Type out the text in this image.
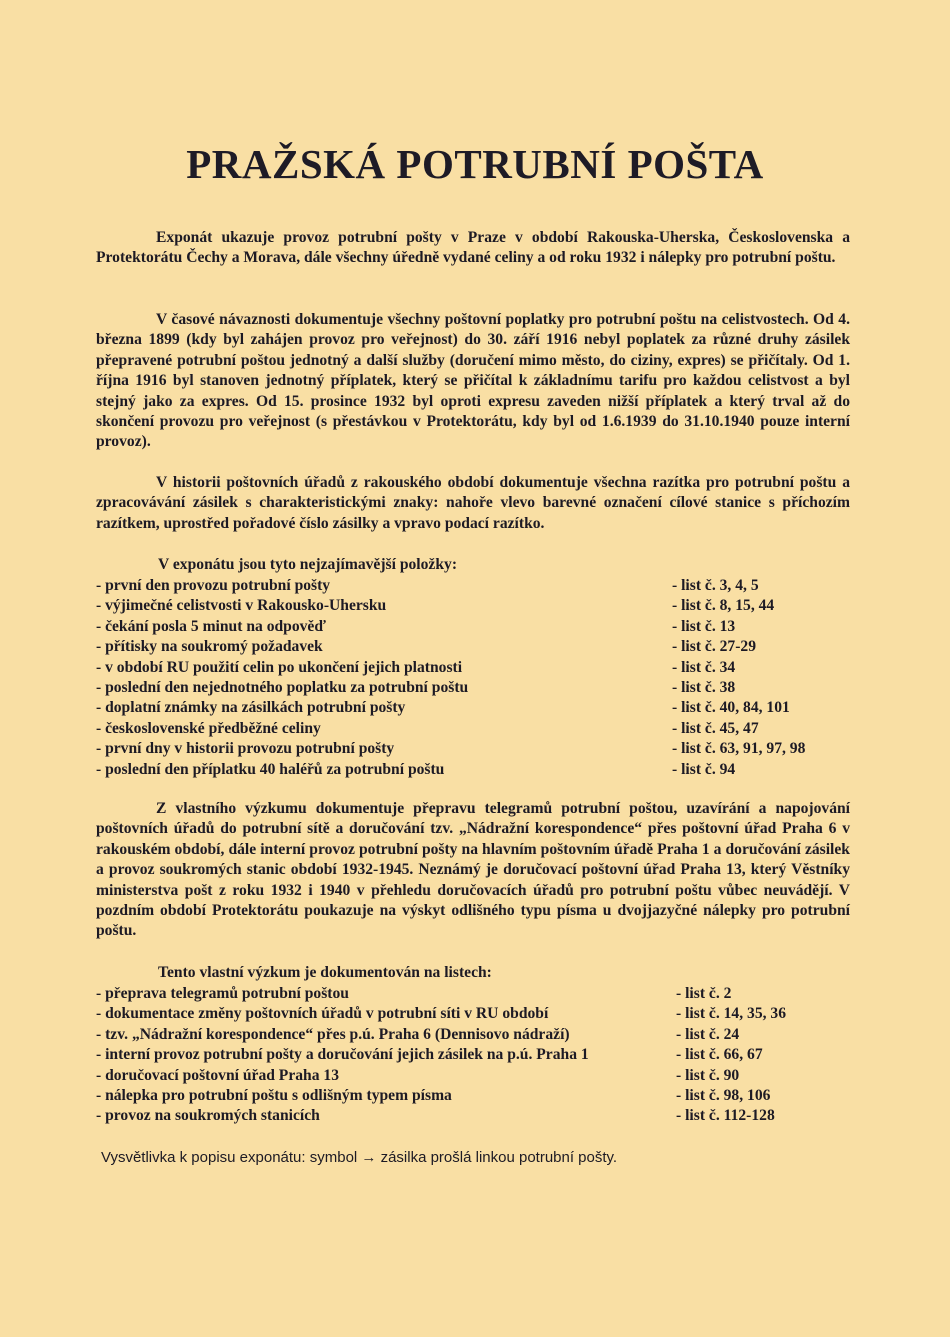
PRAŽSKÁ POTRUBNÍ POŠTA

Exponát ukazuje provoz potrubní pošty v Praze v období Rakouska-Uherska, Československa a Protektorátu Čechy a Morava, dále všechny úředně vydané celiny a od roku 1932 i nálepky pro potrubní poštu.

V časové návaznosti dokumentuje všechny poštovní poplatky pro potrubní poštu na celistvostech. Od 4. března 1899 (kdy byl zahájen provoz pro veřejnost) do 30. září 1916 nebyl poplatek za různé druhy zásilek přepravené potrubní poštou jednotný a další služby (doručení mimo město, do ciziny, expres) se přičítaly. Od 1. října 1916 byl stanoven jednotný příplatek, který se přičítal k základnímu tarifu pro každou celistvost a byl stejný jako za expres. Od 15. prosince 1932 byl oproti expresu zaveden nižší příplatek a který trval až do skončení provozu pro veřejnost (s přestávkou v Protektorátu, kdy byl od 1.6.1939 do 31.10.1940 pouze interní provoz).

V historii poštovních úřadů z rakouského období dokumentuje všechna razítka pro potrubní poštu a zpracovávání zásilek s charakteristickými znaky: nahoře vlevo barevné označení cílové stanice s příchozím razítkem, uprostřed pořadové číslo zásilky a vpravo podací razítko.

V exponátu jsou tyto nejzajímavější položky:

- první den provozu potrubní pošty	- list č. 3, 4, 5
- výjimečné celistvosti v Rakousko-Uhersku	- list č. 8, 15, 44
- čekání posla 5 minut na odpověď	- list č. 13
- přítisky na soukromý požadavek	- list č. 27-29
- v období RU použití celin po ukončení jejich platnosti	- list č. 34
- poslední den nejednotného poplatku za potrubní poštu	- list č. 38
- doplatní známky na zásilkách potrubní pošty	- list č. 40, 84, 101
- československé předběžné celiny	- list č. 45, 47
- první dny v historii provozu potrubní pošty	- list č. 63, 91, 97, 98
- poslední den příplatku 40 haléřů za potrubní poštu	- list č. 94

Z vlastního výzkumu dokumentuje přepravu telegramů potrubní poštou, uzavírání a napojování poštovních úřadů do potrubní sítě a doručování tzv. „Nádražní korespondence“ přes poštovní úřad Praha 6 v rakouském období, dále interní provoz potrubní pošty na hlavním poštovním úřadě Praha 1 a doručování zásilek a provoz soukromých stanic období 1932-1945. Neznámý je doručovací poštovní úřad Praha 13, který Věstníky ministerstva pošt z roku 1932 i 1940 v přehledu doručovacích úřadů pro potrubní poštu vůbec neuvádějí. V pozdním období Protektorátu poukazuje na výskyt odlišného typu písma u dvojjazyčné nálepky pro potrubní poštu.

Tento vlastní výzkum je dokumentován na listech:

- přeprava telegramů potrubní poštou	- list č. 2
- dokumentace změny poštovních úřadů v potrubní síti v RU období	- list č. 14, 35, 36
- tzv. „Nádražní korespondence“ přes p.ú. Praha 6 (Dennisovo nádraží)	- list č. 24
- interní provoz potrubní pošty a doručování jejich zásilek na p.ú. Praha 1	- list č. 66, 67
- doručovací poštovní úřad Praha 13	- list č. 90
- nálepka pro potrubní poštu s odlišným typem písma	- list č. 98, 106
- provoz na soukromých stanicích	- list č. 112-128

Vysvětlivka k popisu exponátu: symbol → zásilka prošlá linkou potrubní pošty.
